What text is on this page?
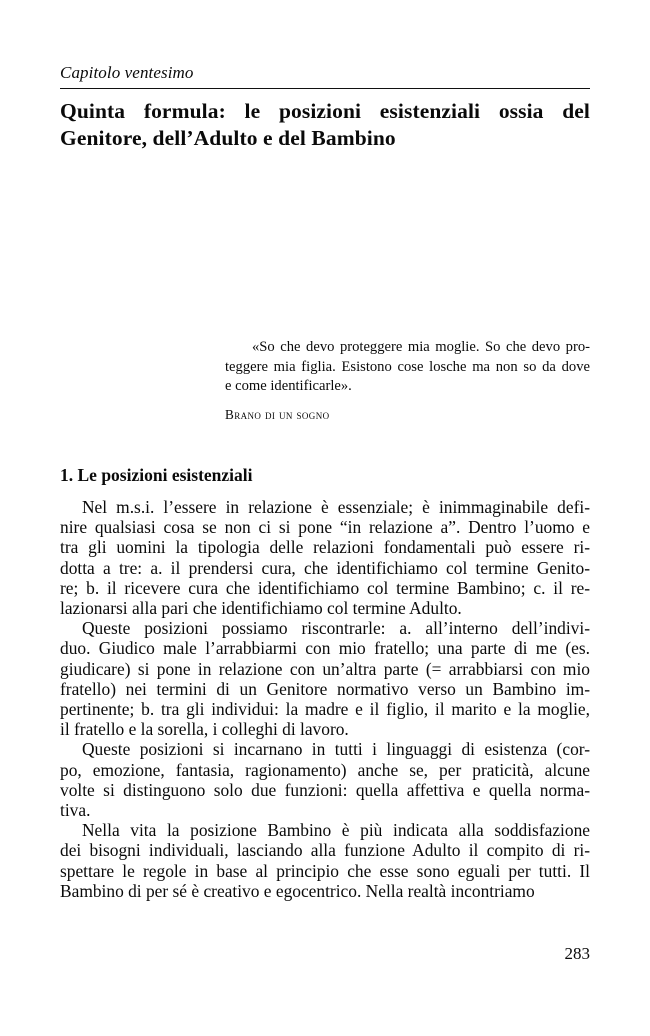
Capitolo ventesimo
Quinta formula: le posizioni esistenziali ossia del
Genitore, dell’Adulto e del Bambino
«So che devo proteggere mia moglie. So che devo pro-
teggere mia figlia. Esistono cose losche ma non so da dove
e come identificarle».
Brano di un sogno
1. Le posizioni esistenziali

Nel m.s.i. l’essere in relazione è essenziale; è inimmaginabile defi-
nire qualsiasi cosa se non ci si pone “in relazione a”. Dentro l’uomo e
tra gli uomini la tipologia delle relazioni fondamentali può essere ri-
dotta a tre: a. il prendersi cura, che identifichiamo col termine Genito-
re; b. il ricevere cura che identifichiamo col termine Bambino; c. il re-
lazionarsi alla pari che identifichiamo col termine Adulto.

Queste posizioni possiamo riscontrarle: a. all’interno dell’indivi-
duo. Giudico male l’arrabbiarmi con mio fratello; una parte di me (es.
giudicare) si pone in relazione con un’altra parte (= arrabbiarsi con mio
fratello) nei termini di un Genitore normativo verso un Bambino im-
pertinente; b. tra gli individui: la madre e il figlio, il marito e la moglie,
il fratello e la sorella, i colleghi di lavoro.

Queste posizioni si incarnano in tutti i linguaggi di esistenza (cor-
po, emozione, fantasia, ragionamento) anche se, per praticità, alcune
volte si distinguono solo due funzioni: quella affettiva e quella norma-
tiva.

Nella vita la posizione Bambino è più indicata alla soddisfazione
dei bisogni individuali, lasciando alla funzione Adulto il compito di ri-
spettare le regole in base al principio che esse sono eguali per tutti. Il
Bambino di per sé è creativo e egocentrico. Nella realtà incontriamo

283
